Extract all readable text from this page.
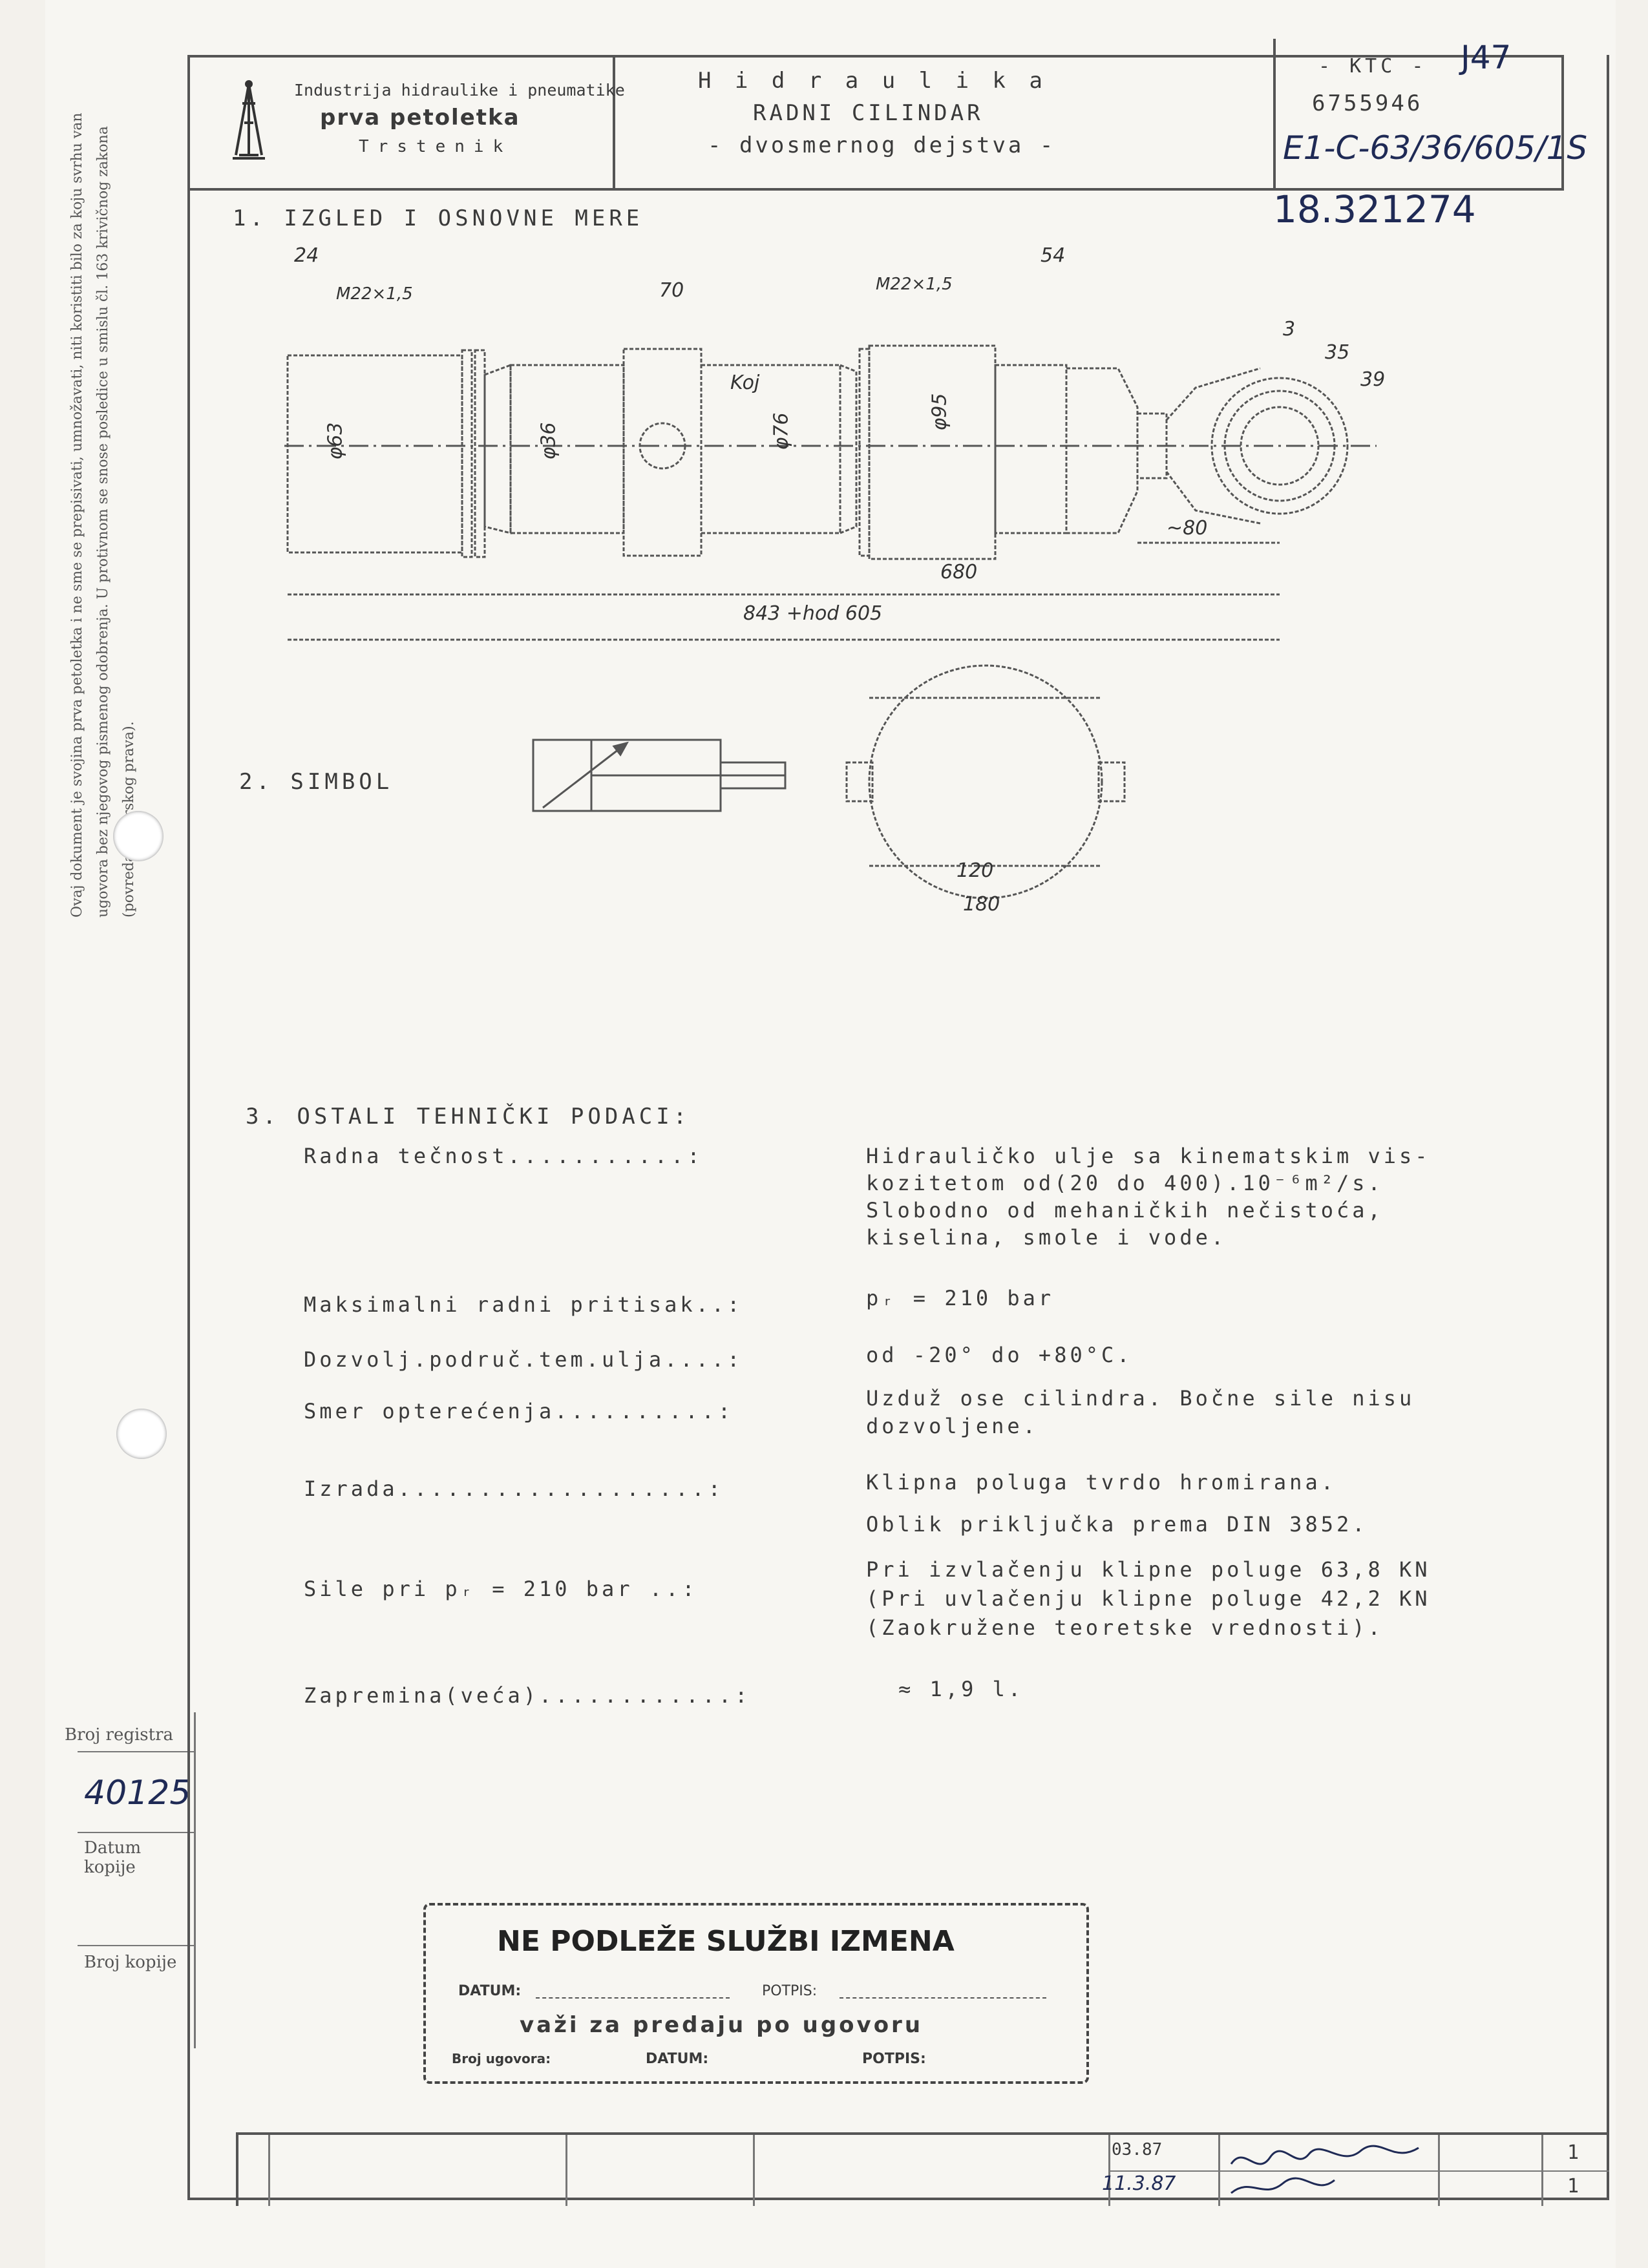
Ovaj dokument je svojina prva petoletka i ne sme se prepisivati, umnožavati, niti koristiti bilo za koju svrhu van ugovora bez njegovog pismenog odobrenja. U protivnom se snose posledice u smislu čl. 163 krivičnog zakona (povreda prava).
Broj registra
40125
Datum kopije
Broj kopije
Industrija hidraulike i pneumatike
prva petoletka
Trstenik
H i d r a u l i k a
RADNI CILINDAR
- dvosmernog dejstva -
- KTC - J47
6755946
E1-C-63/36/605/1S
18.321274
1. IZGLED I OSNOVNE MERE
24
M22×1,5	70	M22×1,5
54
3
35
39
φ63	φ36	φ76
φ95
Koj
~80
680
843 +hod 605
2. SIMBOL
120
180
3. OSTALI TEHNIČKI PODACI:
Radna tečnost...........:	Hidrauličko ulje sa kinematskim vis-
kozitetom od(20 do 400).10⁻⁶m²/s.
Slobodno od mehaničkih nečistoća,
kiselina, smole i vode.
Maksimalni radni pritisak..:	pᵣ = 210 bar
Dozvolj.područ.tem.ulja....:	od -20° do +80°C.
Smer opterećenja..........:
Uzduž ose cilindra. Bočne sile nisu
dozvoljene.
Izrada...................:	Klipna poluga tvrdo hromirana.
Oblik priključka prema DIN 3852.
Sile pri pᵣ = 210 bar ..:
Pri izvlačenju klipne poluge 63,8 KN
(Pri uvlačenju klipne poluge 42,2 KN
(Zaokružene teoretske vrednosti).
Zapremina(veća)............:	≈ 1,9 l.
NE PODLEŽE SLUŽBI IZMENA
DATUM:	POTPIS:
važi za predaju po ugovoru
Broj ugovora:	DATUM:	POTPIS:
03.87
11.3.87
1
1
